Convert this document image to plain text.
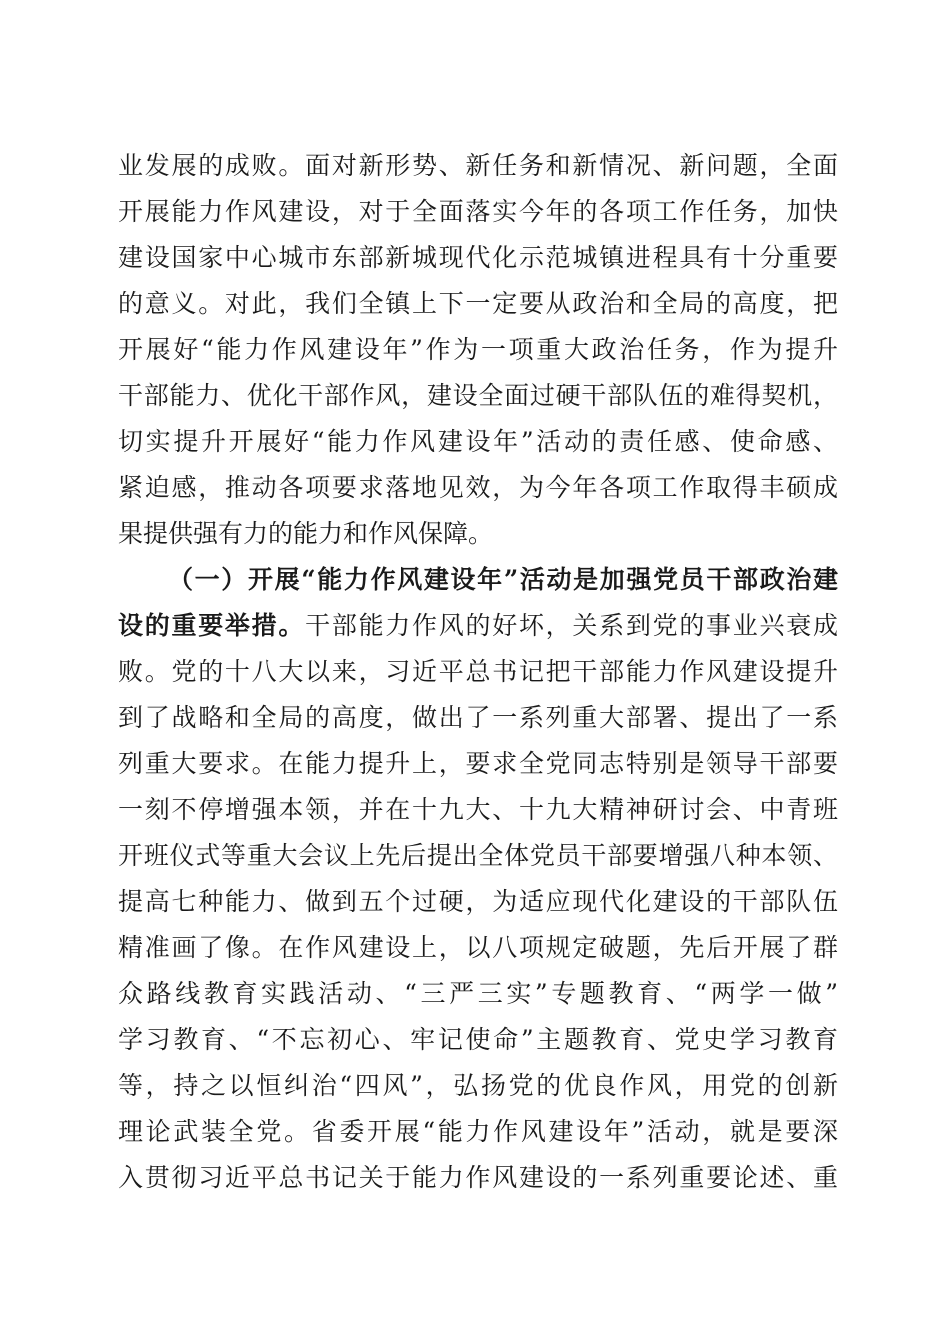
业发展的成败。面对新形势、新任务和新情况、新问题，全面
开展能力作风建设，对于全面落实今年的各项工作任务，加快
建设国家中心城市东部新城现代化示范城镇进程具有十分重要
的意义。对此，我们全镇上下一定要从政治和全局的高度，把
开展好“能力作风建设年”作为一项重大政治任务，作为提升
干部能力、优化干部作风，建设全面过硬干部队伍的难得契机，
切实提升开展好“能力作风建设年”活动的责任感、使命感、
紧迫感，推动各项要求落地见效，为今年各项工作取得丰硕成
果提供强有力的能力和作风保障。
（一）开展“能力作风建设年”活动是加强党员干部政治建
设的重要举措。干部能力作风的好坏，关系到党的事业兴衰成
败。党的十八大以来，习近平总书记把干部能力作风建设提升
到了战略和全局的高度，做出了一系列重大部署、提出了一系
列重大要求。在能力提升上，要求全党同志特别是领导干部要
一刻不停增强本领，并在十九大、十九大精神研讨会、中青班
开班仪式等重大会议上先后提出全体党员干部要增强八种本领、
提高七种能力、做到五个过硬，为适应现代化建设的干部队伍
精准画了像。在作风建设上，以八项规定破题，先后开展了群
众路线教育实践活动、“三严三实”专题教育、“两学一做”
学习教育、“不忘初心、牢记使命”主题教育、党史学习教育
等，持之以恒纠治“四风”，弘扬党的优良作风，用党的创新
理论武装全党。省委开展“能力作风建设年”活动，就是要深
入贯彻习近平总书记关于能力作风建设的一系列重要论述、重
